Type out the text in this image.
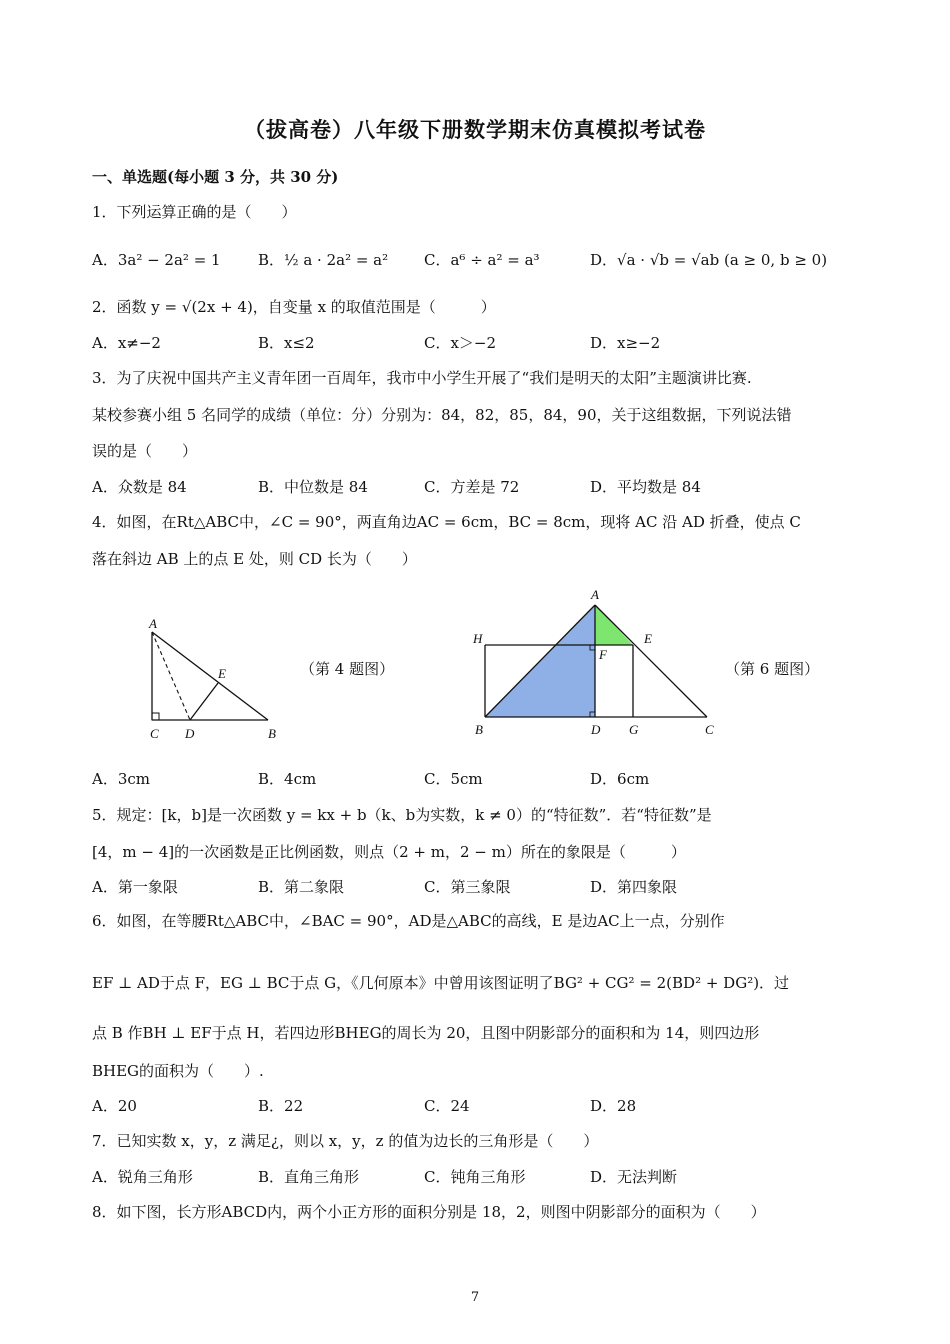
（拔高卷）八年级下册数学期末仿真模拟考试卷
一、单选题(每小题 3 分，共 30 分)
1．下列运算正确的是（　　）
A．3a² − 2a² = 1 B．½ a · 2a² = a² C．a⁶ ÷ a² = a³	D．√a · √b = √ab (a ≥ 0, b ≥ 0)
2．函数 y = √(2x + 4)，自变量 x 的取值范围是（　　　）
A．x≠−2	B．x≤2	C．x＞−2	D．x≥−2
3．为了庆祝中国共产主义青年团一百周年，我市中小学生开展了“我们是明天的太阳”主题演讲比赛.
某校参赛小组 5 名同学的成绩（单位：分）分别为：84，82，85，84，90，关于这组数据，下列说法错
误的是（　　）
A．众数是 84	B．中位数是 84	C．方差是 72	D．平均数是 84
4．如图，在Rt△ABC中，∠C = 90°，两直角边AC = 6cm，BC = 8cm，现将 AC 沿 AD 折叠，使点 C
落在斜边 AB 上的点 E 处，则 CD 长为（　　）
A
E
C D	B
（第 4 题图）
A
H	E
F
B	D G	C
（第 6 题图）
A．3cm	B．4cm	C．5cm	D．6cm
5．规定：[k，b]是一次函数 y = kx + b（k、b为实数，k ≠ 0）的“特征数”．若“特征数”是
[4，m − 4]的一次函数是正比例函数，则点（2 + m，2 − m）所在的象限是（　　　）
A．第一象限	B．第二象限	C．第三象限	D．第四象限
6．如图，在等腰Rt△ABC中，∠BAC = 90°，AD是△ABC的高线，E 是边AC上一点，分别作
EF ⊥ AD于点 F，EG ⊥ BC于点 G，《几何原本》中曾用该图证明了BG² + CG² = 2(BD² + DG²)．过
点 B 作BH ⊥ EF于点 H，若四边形BHEG的周长为 20，且图中阴影部分的面积和为 14，则四边形
BHEG的面积为（　　）.
A．20	B．22	C．24	D．28
7．已知实数 x，y，z 满足¿，则以 x，y，z 的值为边长的三角形是（　　）
A．锐角三角形	B．直角三角形	C．钝角三角形	D．无法判断
8．如下图，长方形ABCD内，两个小正方形的面积分别是 18，2，则图中阴影部分的面积为（　　）
7
